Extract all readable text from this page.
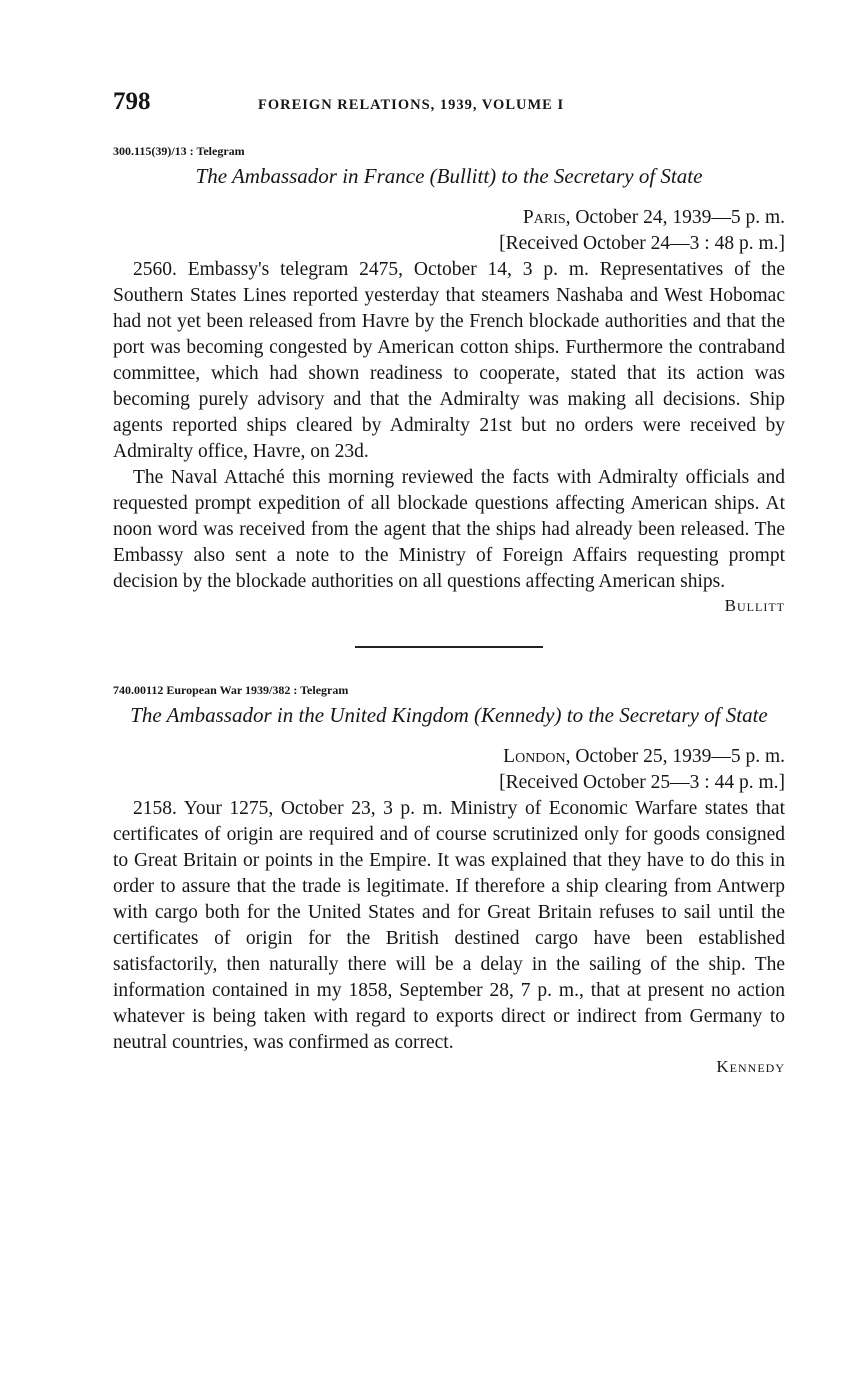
798	FOREIGN RELATIONS, 1939, VOLUME I
300.115(39)/13 : Telegram
The Ambassador in France (Bullitt) to the Secretary of State
Paris, October 24, 1939—5 p. m.
[Received October 24—3 : 48 p. m.]

2560. Embassy's telegram 2475, October 14, 3 p. m. Representatives of the Southern States Lines reported yesterday that steamers Nashaba and West Hobomac had not yet been released from Havre by the French blockade authorities and that the port was becoming congested by American cotton ships. Furthermore the contraband committee, which had shown readiness to cooperate, stated that its action was becoming purely advisory and that the Admiralty was making all decisions. Ship agents reported ships cleared by Admiralty 21st but no orders were received by Admiralty office, Havre, on 23d.

The Naval Attaché this morning reviewed the facts with Admiralty officials and requested prompt expedition of all blockade questions affecting American ships. At noon word was received from the agent that the ships had already been released. The Embassy also sent a note to the Ministry of Foreign Affairs requesting prompt decision by the blockade authorities on all questions affecting American ships.

Bullitt
740.00112 European War 1939/382 : Telegram
The Ambassador in the United Kingdom (Kennedy) to the Secretary of State
London, October 25, 1939—5 p. m.
[Received October 25—3 : 44 p. m.]

2158. Your 1275, October 23, 3 p. m. Ministry of Economic Warfare states that certificates of origin are required and of course scrutinized only for goods consigned to Great Britain or points in the Empire. It was explained that they have to do this in order to assure that the trade is legitimate. If therefore a ship clearing from Antwerp with cargo both for the United States and for Great Britain refuses to sail until the certificates of origin for the British destined cargo have been established satisfactorily, then naturally there will be a delay in the sailing of the ship. The information contained in my 1858, September 28, 7 p. m., that at present no action whatever is being taken with regard to exports direct or indirect from Germany to neutral countries, was confirmed as correct.

Kennedy
